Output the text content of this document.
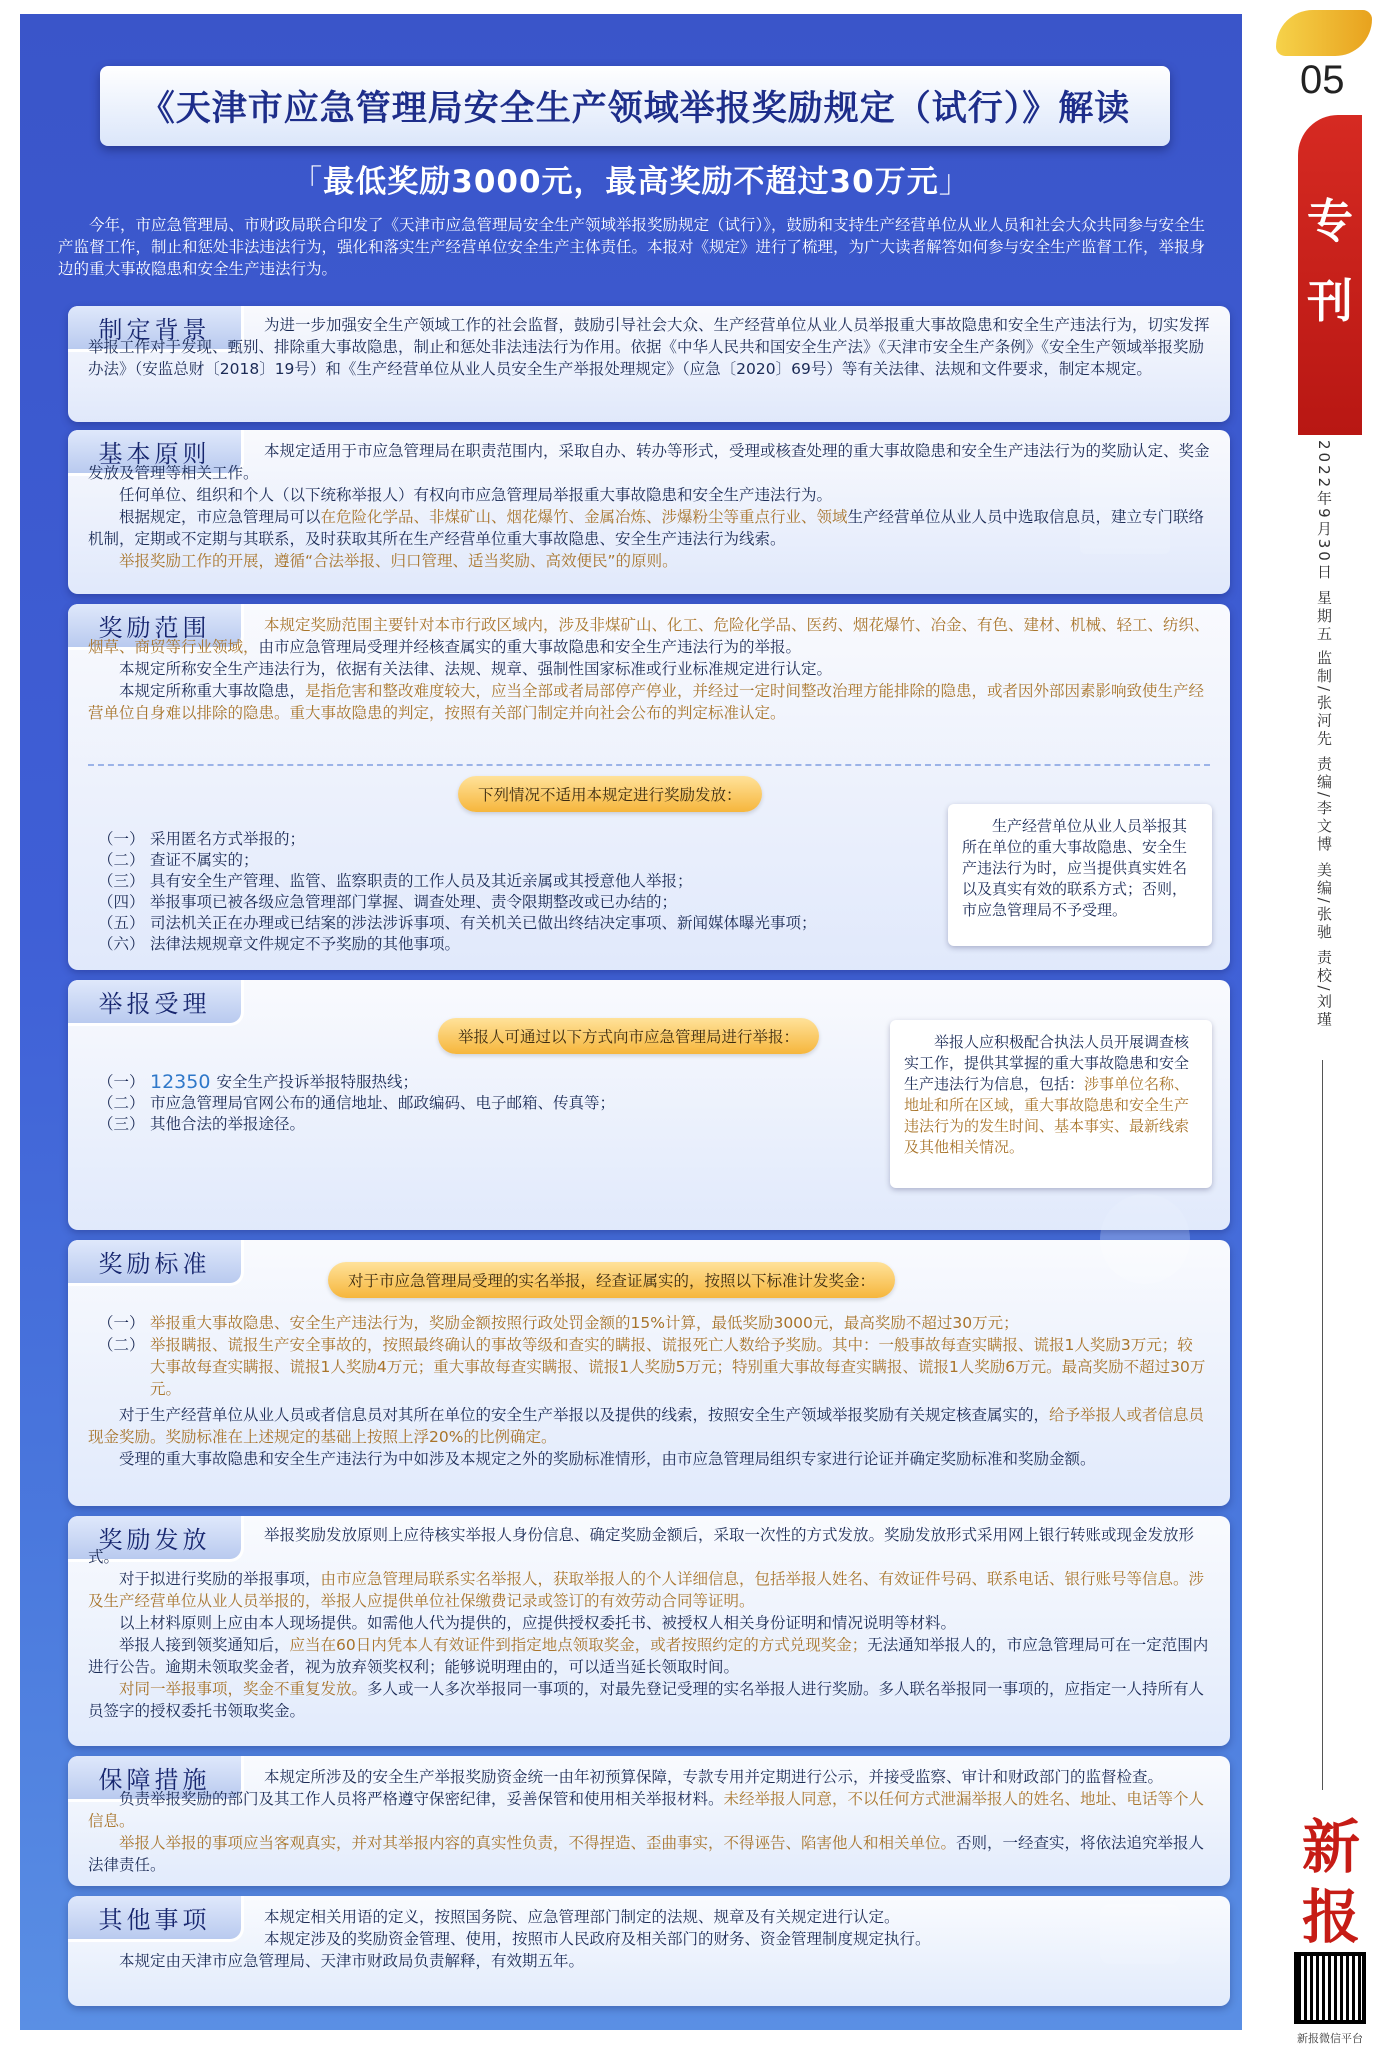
《天津市应急管理局安全生产领域举报奖励规定（试行）》解读
「最低奖励3000元，最高奖励不超过30万元」

今年，市应急管理局、市财政局联合印发了《天津市应急管理局安全生产领域举报奖励规定（试行）》，鼓励和支持生产经营单位从业人员和社会大众共同参与安全生产监督工作，制止和惩处非法违法行为，强化和落实生产经营单位安全生产主体责任。本报对《规定》进行了梳理，为广大读者解答如何参与安全生产监督工作，举报身边的重大事故隐患和安全生产违法行为。

制定背景	为进一步加强安全生产领域工作的社会监督，鼓励引导社会大众、生产经营单位从业人员举报重大事故隐患和安全生产违法行为，切实发挥举报工作对于发现、甄别、排除重大事故隐患，制止和惩处非法违法行为作用。依据《中华人民共和国安全生产法》《天津市安全生产条例》《安全生产领域举报奖励办法》（安监总财〔2018〕19号）和《生产经营单位从业人员安全生产举报处理规定》（应急〔2020〕69号）等有关法律、法规和文件要求，制定本规定。

基本原则	本规定适用于市应急管理局在职责范围内，采取自办、转办等形式，受理或核查处理的重大事故隐患和安全生产违法行为的奖励认定、奖金发放及管理等相关工作。

任何单位、组织和个人（以下统称举报人）有权向市应急管理局举报重大事故隐患和安全生产违法行为。

根据规定，市应急管理局可以在危险化学品、非煤矿山、烟花爆竹、金属冶炼、涉爆粉尘等重点行业、领域生产经营单位从业人员中选取信息员，建立专门联络机制，定期或不定期与其联系，及时获取其所在生产经营单位重大事故隐患、安全生产违法行为线索。

举报奖励工作的开展，遵循“合法举报、归口管理、适当奖励、高效便民”的原则。

奖励范围	本规定奖励范围主要针对本市行政区域内，涉及非煤矿山、化工、危险化学品、医药、烟花爆竹、冶金、有色、建材、机械、轻工、纺织、烟草、商贸等行业领域，由市应急管理局受理并经核查属实的重大事故隐患和安全生产违法行为的举报。

本规定所称安全生产违法行为，依据有关法律、法规、规章、强制性国家标准或行业标准规定进行认定。

本规定所称重大事故隐患，是指危害和整改难度较大，应当全部或者局部停产停业，并经过一定时间整改治理方能排除的隐患，或者因外部因素影响致使生产经营单位自身难以排除的隐患。重大事故隐患的判定，按照有关部门制定并向社会公布的判定标准认定。

下列情况不适用本规定进行奖励发放：
（一） 采用匿名方式举报的；
（二） 查证不属实的；
（三） 具有安全生产管理、监管、监察职责的工作人员及其近亲属或其授意他人举报；
（四） 举报事项已被各级应急管理部门掌握、调查处理、责令限期整改或已办结的；
（五） 司法机关正在办理或已结案的涉法涉诉事项、有关机关已做出终结决定事项、新闻媒体曝光事项；
（六） 法律法规规章文件规定不予奖励的其他事项。
生产经营单位从业人员举报其所在单位的重大事故隐患、安全生产违法行为时，应当提供真实姓名以及真实有效的联系方式；否则，市应急管理局不予受理。
举报受理
举报人可通过以下方式向市应急管理局进行举报：
（一） 12350 安全生产投诉举报特服热线；
（二） 市应急管理局官网公布的通信地址、邮政编码、电子邮箱、传真等；
（三） 其他合法的举报途径。
举报人应积极配合执法人员开展调查核实工作，提供其掌握的重大事故隐患和安全生产违法行为信息，包括：涉事单位名称、地址和所在区域，重大事故隐患和安全生产违法行为的发生时间、基本事实、最新线索及其他相关情况。
奖励标准
对于市应急管理局受理的实名举报，经查证属实的，按照以下标准计发奖金：
（一） 举报重大事故隐患、安全生产违法行为，奖励金额按照行政处罚金额的15%计算，最低奖励3000元，最高奖励不超过30万元；
（二） 举报瞒报、谎报生产安全事故的，按照最终确认的事故等级和查实的瞒报、谎报死亡人数给予奖励。其中：一般事故每查实瞒报、谎报1人奖励3万元；较大事故每查实瞒报、谎报1人奖励4万元；重大事故每查实瞒报、谎报1人奖励5万元；特别重大事故每查实瞒报、谎报1人奖励6万元。最高奖励不超过30万元。

对于生产经营单位从业人员或者信息员对其所在单位的安全生产举报以及提供的线索，按照安全生产领域举报奖励有关规定核查属实的，给予举报人或者信息员现金奖励。奖励标准在上述规定的基础上按照上浮20%的比例确定。

受理的重大事故隐患和安全生产违法行为中如涉及本规定之外的奖励标准情形，由市应急管理局组织专家进行论证并确定奖励标准和奖励金额。

奖励发放	举报奖励发放原则上应待核实举报人身份信息、确定奖励金额后，采取一次性的方式发放。奖励发放形式采用网上银行转账或现金发放形式。

对于拟进行奖励的举报事项，由市应急管理局联系实名举报人，获取举报人的个人详细信息，包括举报人姓名、有效证件号码、联系电话、银行账号等信息。涉及生产经营单位从业人员举报的，举报人应提供单位社保缴费记录或签订的有效劳动合同等证明。

以上材料原则上应由本人现场提供。如需他人代为提供的，应提供授权委托书、被授权人相关身份证明和情况说明等材料。

举报人接到领奖通知后，应当在60日内凭本人有效证件到指定地点领取奖金，或者按照约定的方式兑现奖金；无法通知举报人的，市应急管理局可在一定范围内进行公告。逾期未领取奖金者，视为放弃领奖权利；能够说明理由的，可以适当延长领取时间。

对同一举报事项，奖金不重复发放。多人或一人多次举报同一事项的，对最先登记受理的实名举报人进行奖励。多人联名举报同一事项的，应指定一人持所有人员签字的授权委托书领取奖金。

保障措施	本规定所涉及的安全生产举报奖励资金统一由年初预算保障，专款专用并定期进行公示，并接受监察、审计和财政部门的监督检查。

负责举报奖励的部门及其工作人员将严格遵守保密纪律，妥善保管和使用相关举报材料。未经举报人同意，不以任何方式泄漏举报人的姓名、地址、电话等个人信息。

举报人举报的事项应当客观真实，并对其举报内容的真实性负责，不得捏造、歪曲事实，不得诬告、陷害他人和相关单位。否则，一经查实，将依法追究举报人法律责任。

其他事项	本规定相关用语的定义，按照国务院、应急管理部门制定的法规、规章及有关规定进行认定。

本规定涉及的奖励资金管理、使用，按照市人民政府及相关部门的财务、资金管理制度规定执行。

本规定由天津市应急管理局、天津市财政局负责解释，有效期五年。

05
专
刊
2022年9月30日 星期五
监制/张河先 责编/李文博 美编/张驰 责校/刘瑾
新
报
新报微信平台
